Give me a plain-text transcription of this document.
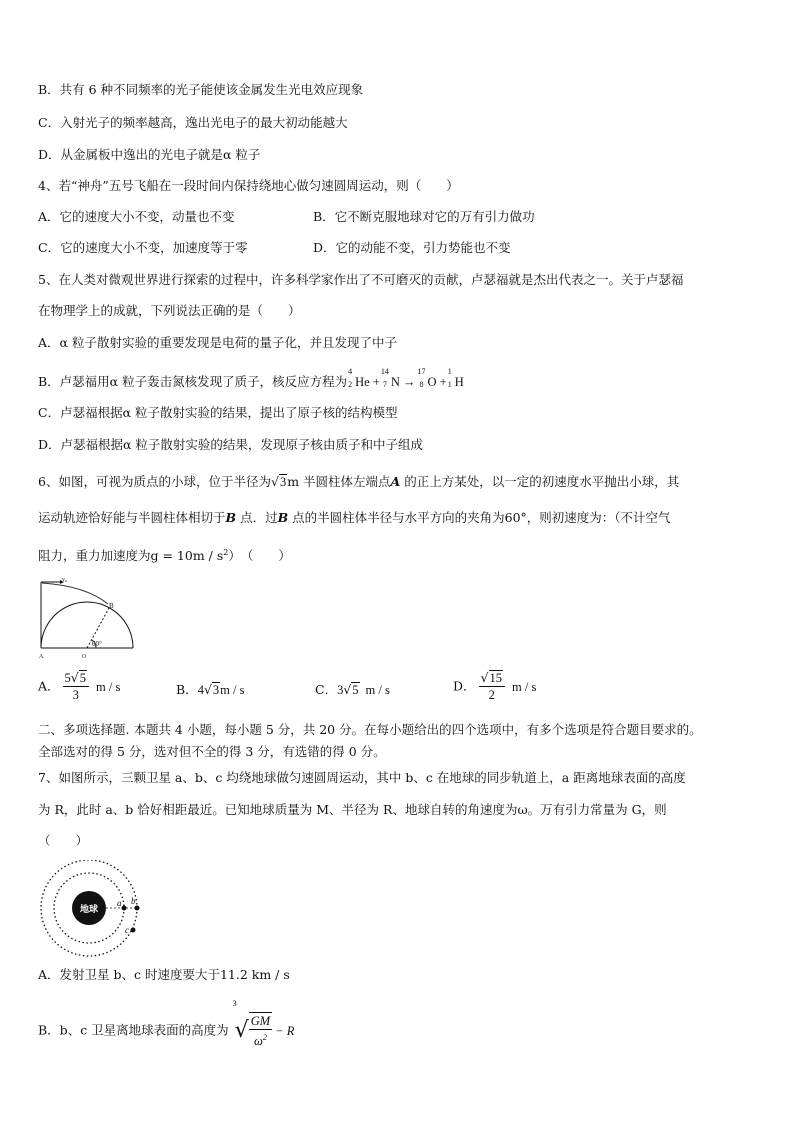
B．共有 6 种不同频率的光子能使该金属发生光电效应现象
C．入射光子的频率越高，逸出光电子的最大初动能越大
D．从金属板中逸出的光电子就是α 粒子
4、若“神舟”五号飞船在一段时间内保持绕地心做匀速圆周运动，则（　　）
A．它的速度大小不变，动量也不变	B．它不断克服地球对它的万有引力做功
C．它的速度大小不变，加速度等于零	D．它的动能不变，引力势能也不变
5、在人类对微观世界进行探索的过程中，许多科学家作出了不可磨灭的贡献，卢瑟福就是杰出代表之一。关于卢瑟福
在物理学上的成就，下列说法正确的是（　　）
A．α 粒子散射实验的重要发现是电荷的量子化，并且发现了中子
B．卢瑟福用α 粒子轰击氮核发现了质子，核反应方程为
4
2 He +
14
7 N →
17
8 O +
1
1 H
C．卢瑟福根据α 粒子散射实验的结果，提出了原子核的结构模型
D．卢瑟福根据α 粒子散射实验的结果，发现原子核由质子和中子组成
6、如图，可视为质点的小球，位于半径为√3m 半圆柱体左端点A 的正上方某处，以一定的初速度水平抛出小球，其
运动轨迹恰好能与半圆柱体相切于B 点．过B 点的半圆柱体半径与水平方向的夹角为60°，则初速度为：（不计空气
阻力，重力加速度为$g = 10m / s^2$）　（　　）
v₀
60°
B
A	O
A． $\frac{5√5}{3}$ m / s	B．4√3m / s	C．3√5 m / s	D． $\frac{√15}{2}$ m / s
二、多项选择题. 本题共 4 小题，每小题 5 分，共 20 分。在每小题给出的四个选项中，有多个选项是符合题目要求的。
全部选对的得 5 分，选对但不全的得 3 分，有选错的得 0 分。
7、如图所示，三颗卫星 a、b、c 均绕地球做匀速圆周运动，其中 b、c 在地球的同步轨道上，a 距离地球表面的高度
为 R，此时 a、b 恰好相距最近。已知地球质量为 M、半径为 R、地球自转的角速度为ω。万有引力常量为 G，则
（　　）
地球
a b
c
A．发射卫星 b、c 时速度要大于11.2 km / s
B．b、c 卫星离地球表面的高度为
3
√ $\frac{GM}{\omega^2} - R$
